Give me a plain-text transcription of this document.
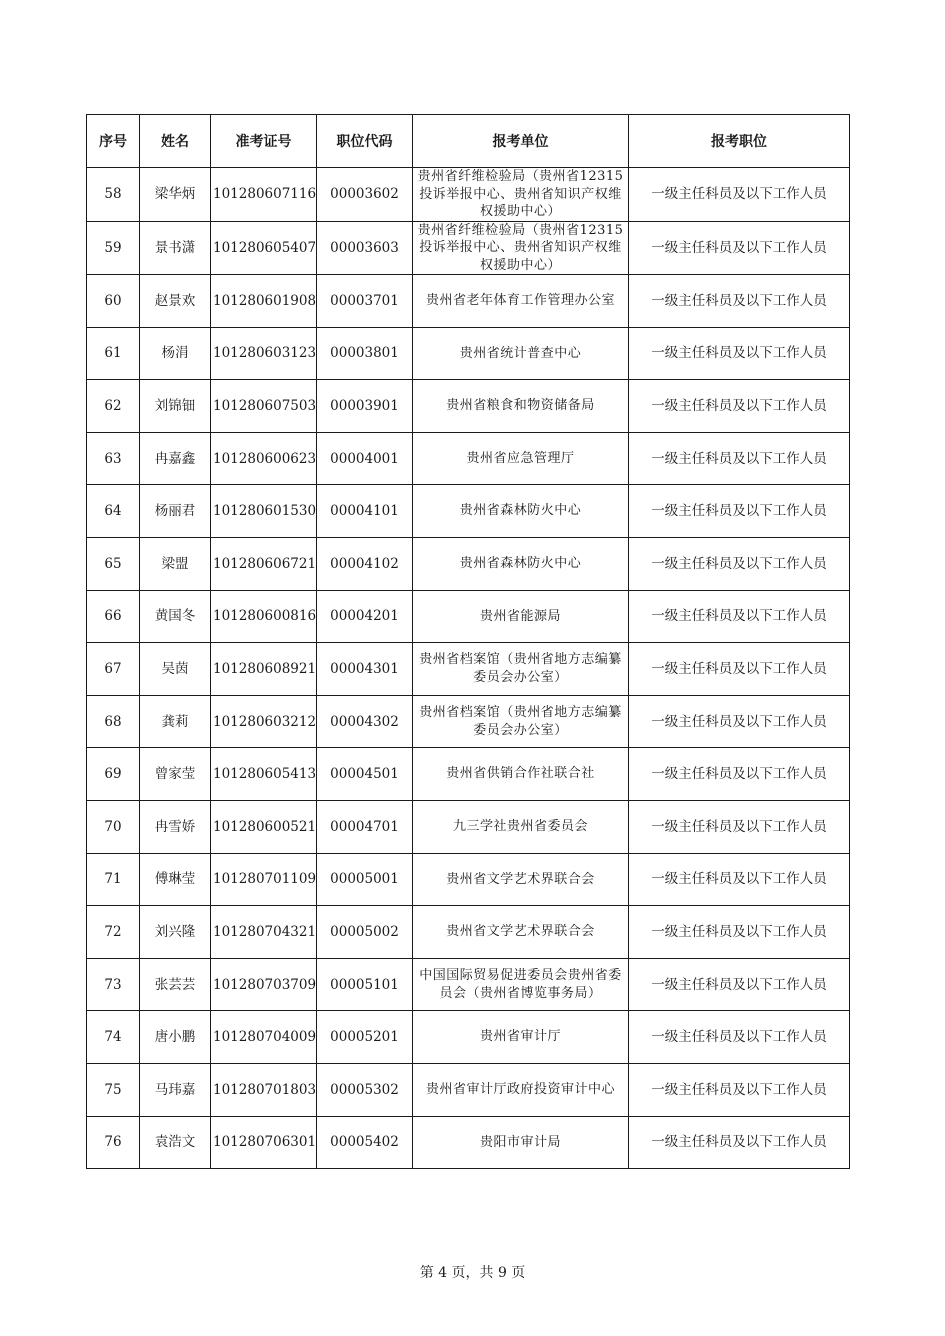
序号	姓名	准考证号	职位代码	报考单位	报考职位
58	梁华炳	101280607116	00003602	贵州省纤维检验局（贵州省12315投诉举报中心、贵州省知识产权维权援助中心）	一级主任科员及以下工作人员
59	景书潇	101280605407	00003603	贵州省纤维检验局（贵州省12315投诉举报中心、贵州省知识产权维权援助中心）	一级主任科员及以下工作人员
60	赵景欢	101280601908	00003701	贵州省老年体育工作管理办公室	一级主任科员及以下工作人员
61	杨涓	101280603123	00003801	贵州省统计普查中心	一级主任科员及以下工作人员
62	刘锦钿	101280607503	00003901	贵州省粮食和物资储备局	一级主任科员及以下工作人员
63	冉嘉鑫	101280600623	00004001	贵州省应急管理厅	一级主任科员及以下工作人员
64	杨丽君	101280601530	00004101	贵州省森林防火中心	一级主任科员及以下工作人员
65	梁盟	101280606721	00004102	贵州省森林防火中心	一级主任科员及以下工作人员
66	黄国冬	101280600816	00004201	贵州省能源局	一级主任科员及以下工作人员
67	吴茵	101280608921	00004301	贵州省档案馆（贵州省地方志编纂委员会办公室）	一级主任科员及以下工作人员
68	龚莉	101280603212	00004302	贵州省档案馆（贵州省地方志编纂委员会办公室）	一级主任科员及以下工作人员
69	曾家莹	101280605413	00004501	贵州省供销合作社联合社	一级主任科员及以下工作人员
70	冉雪娇	101280600521	00004701	九三学社贵州省委员会	一级主任科员及以下工作人员
71	傅琳莹	101280701109	00005001	贵州省文学艺术界联合会	一级主任科员及以下工作人员
72	刘兴隆	101280704321	00005002	贵州省文学艺术界联合会	一级主任科员及以下工作人员
73	张芸芸	101280703709	00005101	中国国际贸易促进委员会贵州省委员会（贵州省博览事务局）	一级主任科员及以下工作人员
74	唐小鹏	101280704009	00005201	贵州省审计厅	一级主任科员及以下工作人员
75	马玮嘉	101280701803	00005302	贵州省审计厅政府投资审计中心	一级主任科员及以下工作人员
76	袁浩文	101280706301	00005402	贵阳市审计局	一级主任科员及以下工作人员
第 4 页，共 9 页
